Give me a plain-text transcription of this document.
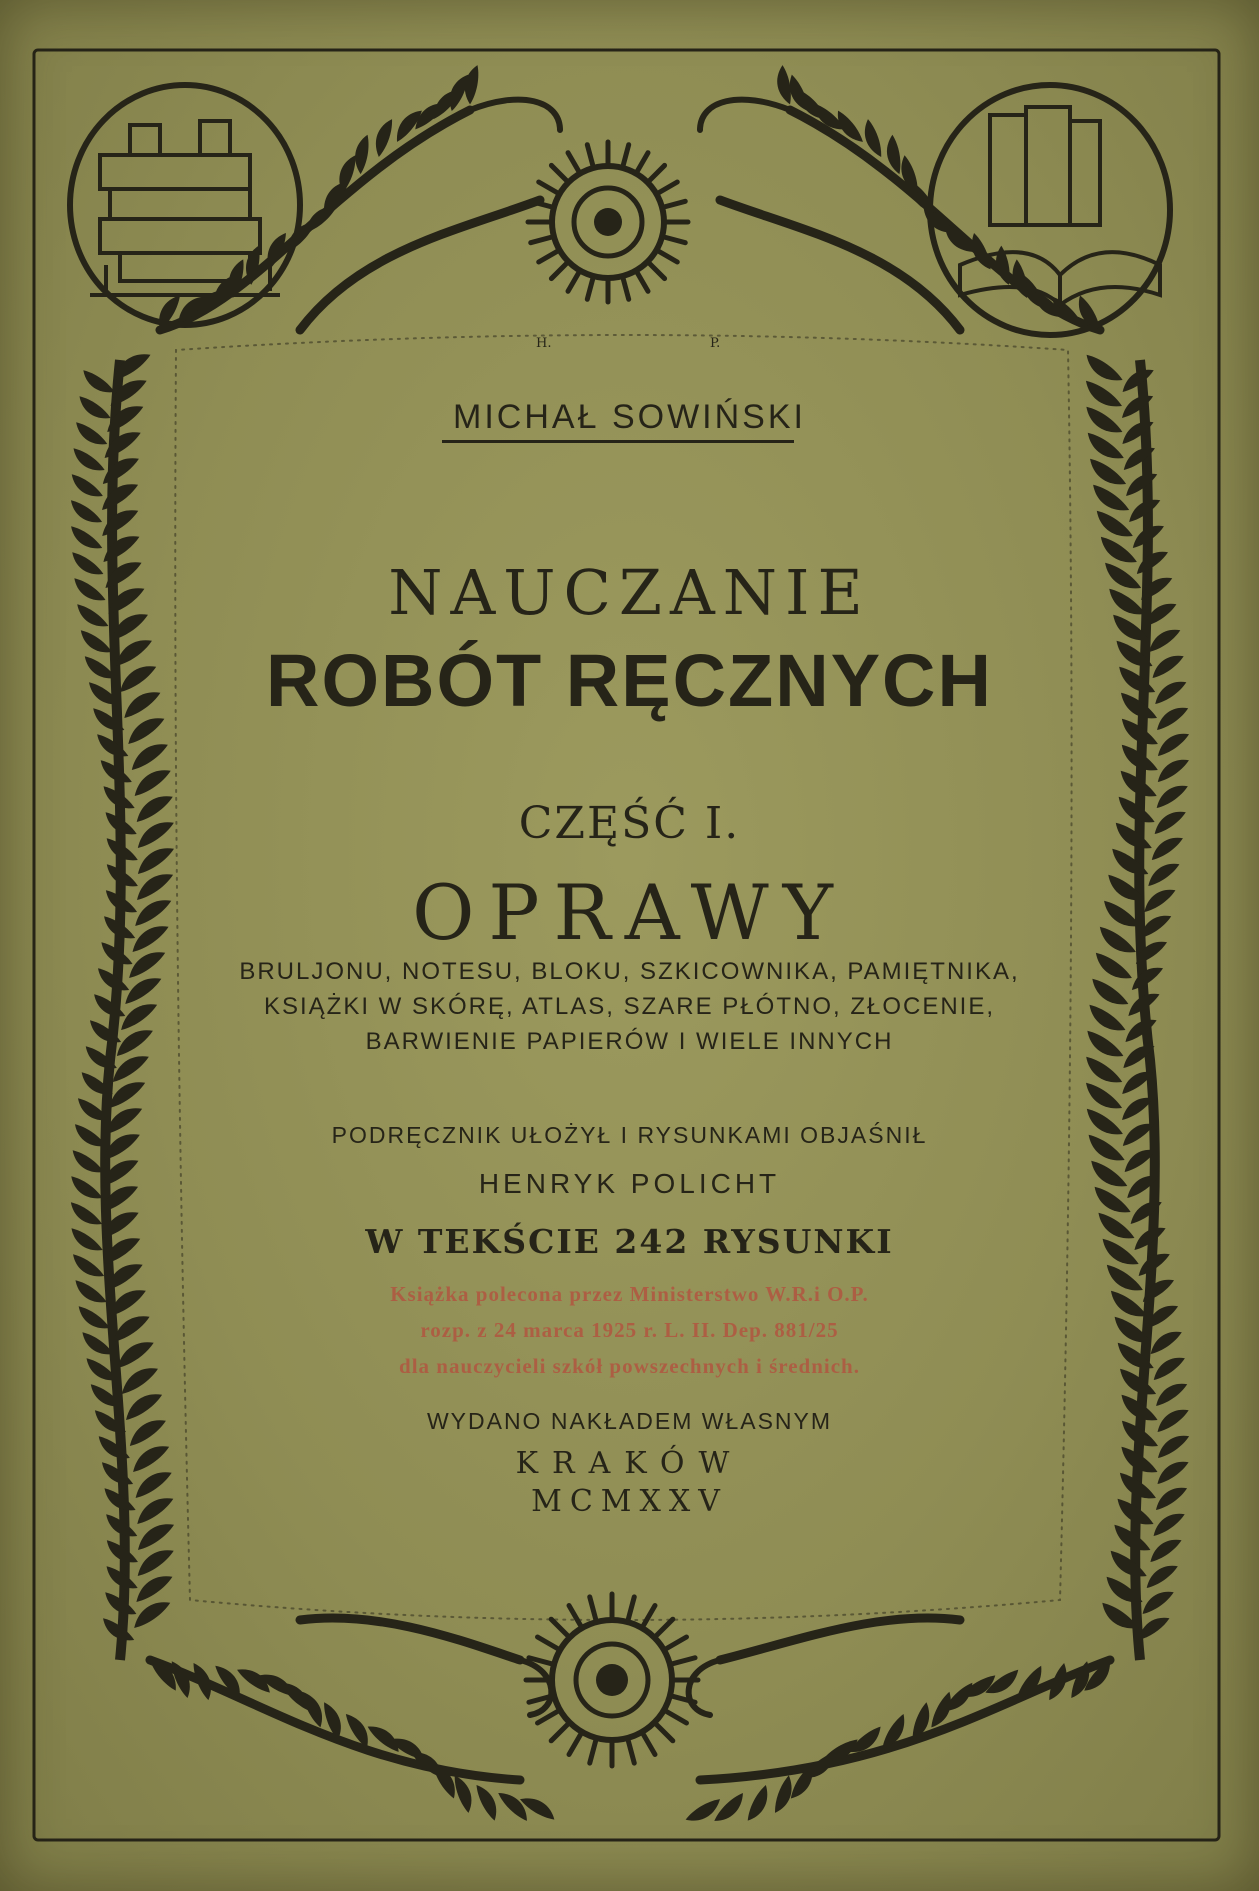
H.	P.
MICHAŁ SOWIŃSKI
NAUCZANIE
ROBÓT RĘCZNYCH
CZĘŚĆ I.
OPRAWY
BRULJONU, NOTESU, BLOKU, SZKICOWNIKA, PAMIĘTNIKA,
KSIĄŻKI W SKÓRĘ, ATLAS, SZARE PŁÓTNO, ZŁOCENIE,
BARWIENIE PAPIERÓW I WIELE INNYCH
PODRĘCZNIK UŁOŻYŁ I RYSUNKAMI OBJAŚNIŁ
HENRYK POLICHT
W TEKŚCIE 242 RYSUNKI
Książka polecona przez Ministerstwo W.R.i O.P.
rozp. z 24 marca 1925 r. L. II. Dep. 881/25
dla nauczycieli szkół powszechnych i średnich.
WYDANO NAKŁADEM WŁASNYM
KRAKÓW
MCMXXV
